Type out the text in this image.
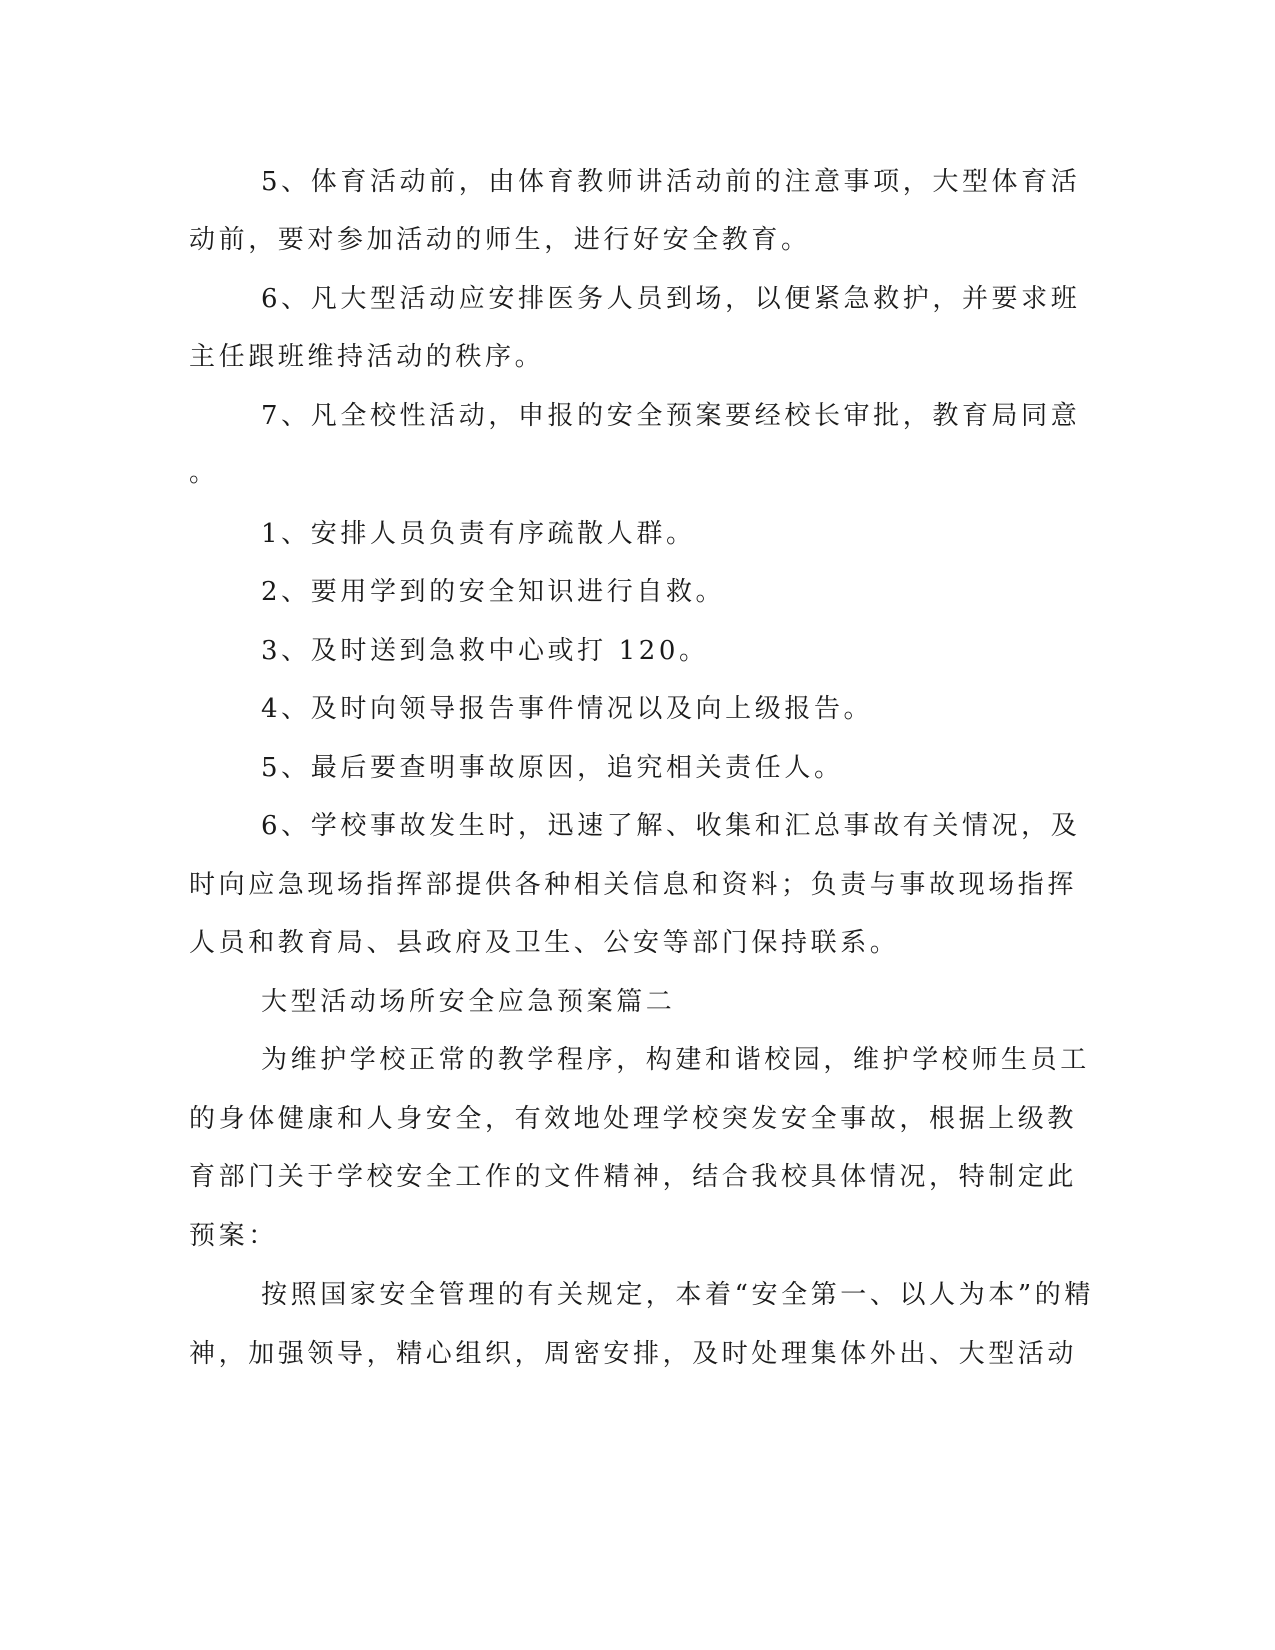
5、体育活动前，由体育教师讲活动前的注意事项，大型体育活

动前，要对参加活动的师生，进行好安全教育。

6、凡大型活动应安排医务人员到场，以便紧急救护，并要求班

主任跟班维持活动的秩序。

7、凡全校性活动，申报的安全预案要经校长审批，教育局同意

。

1、安排人员负责有序疏散人群。

2、要用学到的安全知识进行自救。

3、及时送到急救中心或打 120。

4、及时向领导报告事件情况以及向上级报告。

5、最后要查明事故原因，追究相关责任人。

6、学校事故发生时，迅速了解、收集和汇总事故有关情况，及

时向应急现场指挥部提供各种相关信息和资料；负责与事故现场指挥

人员和教育局、县政府及卫生、公安等部门保持联系。

大型活动场所安全应急预案篇二

为维护学校正常的教学程序，构建和谐校园，维护学校师生员工

的身体健康和人身安全，有效地处理学校突发安全事故，根据上级教

育部门关于学校安全工作的文件精神，结合我校具体情况，特制定此

预案：

按照国家安全管理的有关规定，本着“安全第一、以人为本”的精

神，加强领导，精心组织，周密安排，及时处理集体外出、大型活动
